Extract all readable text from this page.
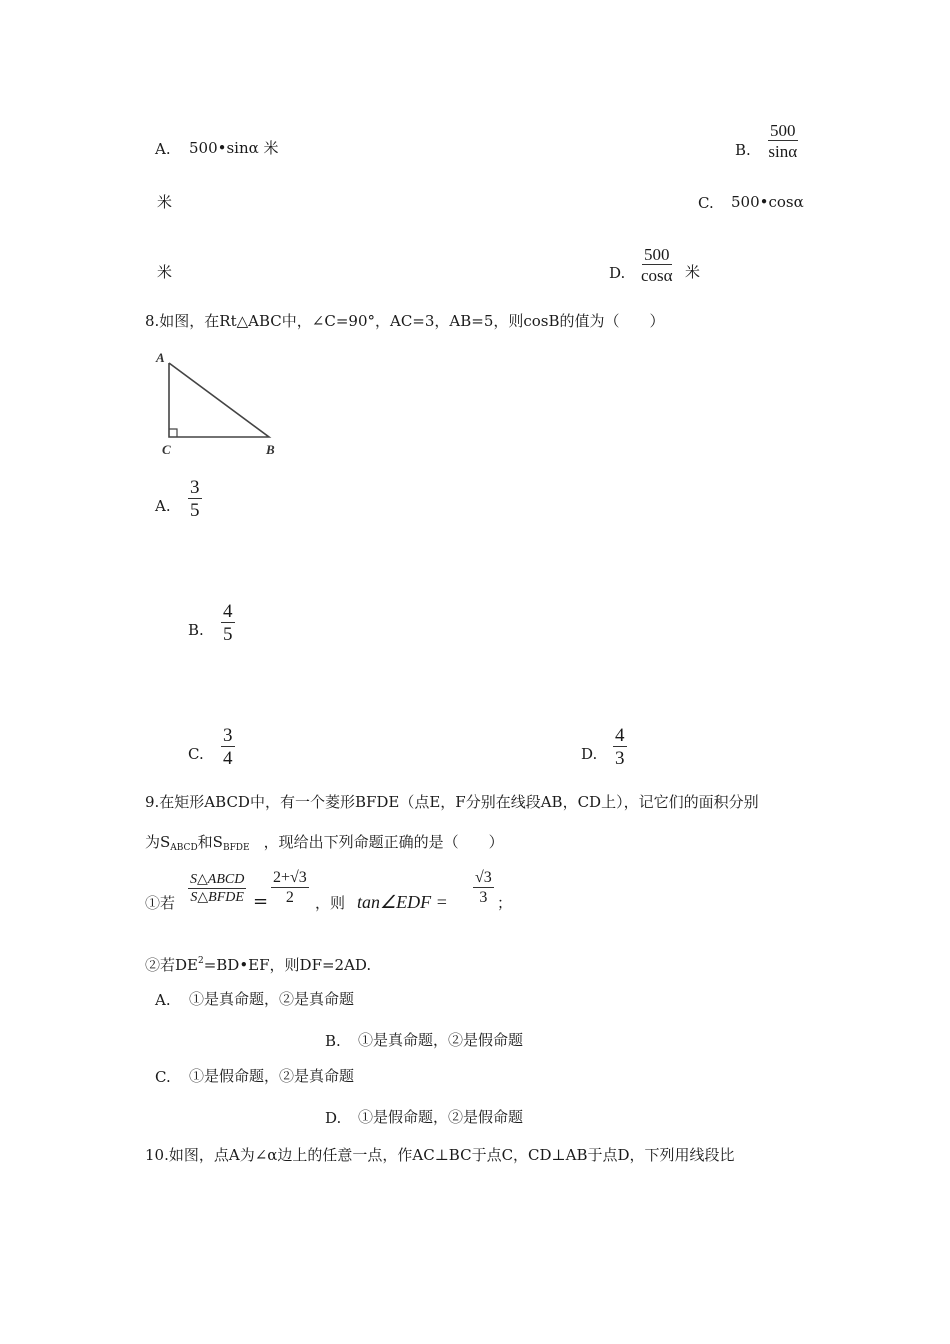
A. 500•sinα 米	B. $\frac{500}{\sin\alpha}$
米	C. 500•cosα
米	D. $\frac{500}{\cos\alpha}$ 米
8.如图，在Rt△ABC中，∠C=90°，AC=3，AB=5，则cosB的值为（　　）
A
C	B
A. $\frac{3}{5}$
B. $\frac{4}{5}$
C. $\frac{3}{4}$	D. $\frac{4}{3}$
9.在矩形ABCD中，有一个菱形BFDE（点E，F分别在线段AB，CD上），记它们的面积分别
为$S_{ABCD}$和$S_{BFDE}$ ，现给出下列命题正确的是（　　）
①若
S△ABCD
S△BFDE = $\frac{2+√3}{2}$ ，则 tan∠EDF = $\frac{√3}{3}$ ；
②若$DE^2=BD•EF$，则DF=2AD.
A. ①是真命题，②是真命题
B. ①是真命题，②是假命题
C. ①是假命题，②是真命题
D. ①是假命题，②是假命题
10.如图，点A为∠α边上的任意一点，作AC⊥BC于点C，CD⊥AB于点D，下列用线段比
